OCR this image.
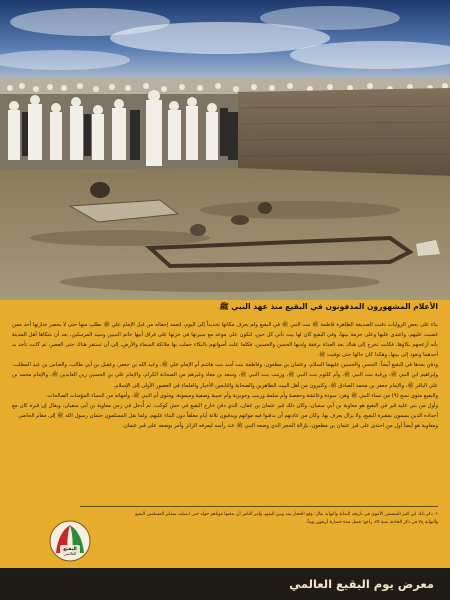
الأعلام المشهورون المدفونون في البقيع منذ عهد النبي ﷺ

بناء على بعض الروايات دفنت الصديقة الطاهرة فاطمة ﷺ بنت النبي ﷺ في البقيع ولم يعرف مكانها تحديداً إلى اليوم، لتعمد إخفائه من قبل الإمام علي ﷺ بطلب منها حتى لا يحضر جنازتها أحد ممن غضبت عليهم، واعتدى عليها وعلى حرمة بيتها، وفي البقيع كان لها بيت تأتي كل حين، لتكون على موعد مع سيرتها في حزنها على فراق أبيها خاتم النبيين وسيد المرسلين، بعد أن شكاها أهل المدينة بأنه أزعجهم بكاؤها، فكانت تخرج إلى هناك بعد الغداة برفقة ولديها الحسن والحسين، فكلما علت أصواتهم بالبكاء حملت بها ملائكة السماء والأرض، إلى أن تستقر هناك حتى العصر، ثم كانت تأخذ يد أحدهما وتعود إلى بيتها، وهكذا كان حالها حتى توفيت ﷺ.

ودفن بعدها في البقيع أيضاً: الحسن والحسين عليهما السلام، وعثمان بن مظعون، وفاطمة بنت أسد بنت هاشم أم الإمام علي ﷺ، وعبد الله بن جعفر، وعقيل بن أبي طالب، والعباس بن عبد المطلب، وإبراهيم ابن النبي ﷺ، ورقية بنت النبي ﷺ، وأم كلثوم بنت النبي ﷺ، وزينب بنت النبي ﷺ، وسعد بن معاذ وغيرهم من الصحابة الكرام، والإمام علي بن الحسين زين العابدين ﷺ، والإمام محمد بن علي الباقر ﷺ، والإمام جعفر بن محمد الصادق ﷺ، وكثيرون من أهل البيت الطاهرين والصحابة والتابعين الأخيار والعلماء في العصور الأولى إلى الإسلام.

والبقيع مثوى نسع (٩) من نساء النبي ﷺ وهن: سودة وعائشة وحفصة وأم سلمة وزينب وجويرية وأم حبيبة وصفية وميمونة، ومثوى أم النبي ﷺ، وأمهاته من النساء المؤمنات الصالحات.

وأول من بني عليه قبر في البقيع هو معاوية بن أبي سفيان، وكان ذلك قبر عثمان بن عفان، الذي دفن خارج البقيع في حش كوكب، ثم أُدخل في زمن معاوية بن أبي سفيان، ويقال إن قبره كان مع أجداده الذين يسمون بمقبرة البقيع، ولا يزال يعرف بها، وكان من عادتهم أن يدفنوا فيه مواتهم ويدفنون ثلاثة أيام مغلقاً دون البناء عليهم. ولما نقل المسلمون جثمان رسول الله ﷺ إلى مقام الحاضر.

ومعاوية هو أيضاً أول من احتذى على قبر عثمان بن مظعون، بإزالة الحجر الذي وضعه النبي ﷺ عند رأسه ليعرفه الزائر وأمر بوضعه على قبر عثمان.

١- ذكر ذلك ابن كثير المتشقي الأموي في تاريخه البداية والنهاية بقال: وقع الحجار بيته وبين البقيع، وأمر الناس أن يدفنوا موتاهم حوله حتى اتصلت بمقابر المسلمين البقيع والنهاية ج٧ في ذكر الحادثة سنة ٣٥، راجع: فصل مدة حصارة أربعون يوماً.
البقيع
العالمي
معرض يوم البقيع العالمي
